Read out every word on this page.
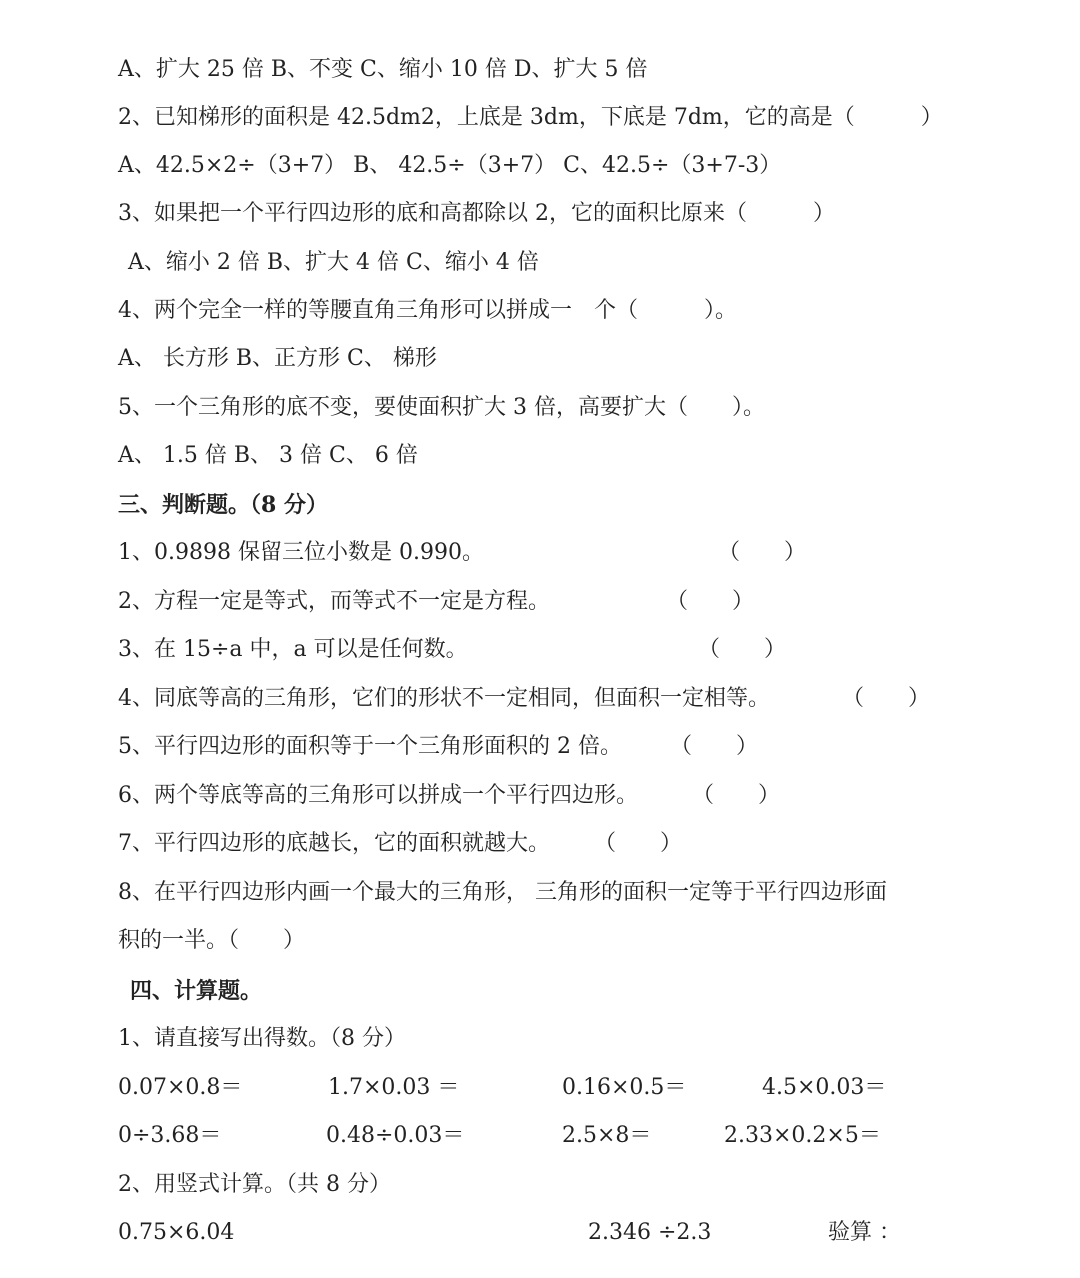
A、扩大 25 倍 B、不变 C、缩小 10 倍 D、扩大 5 倍
2、已知梯形的面积是 42.5dm2，上底是 3dm，下底是 7dm，它的高是（　　　）
A、42.5×2÷（3+7） B、 42.5÷（3+7） C、42.5÷（3+7-3）
3、如果把一个平行四边形的底和高都除以 2，它的面积比原来（　　　）
A、缩小 2 倍 B、扩大 4 倍 C、缩小 4 倍
4、两个完全一样的等腰直角三角形可以拼成一　个（　　　）。
A、 长方形 B、正方形 C、 梯形
5、一个三角形的底不变，要使面积扩大 3 倍，高要扩大（　　）。
A、 1.5 倍 B、 3 倍 C、 6 倍
三、判断题。（8 分）
1、0.9898 保留三位小数是 0.990。	（　　）
2、方程一定是等式，而等式不一定是方程。	（　　）
3、在 15÷a 中，a 可以是任何数。	（　　）
4、同底等高的三角形，它们的形状不一定相同，但面积一定相等。	（　　）
5、平行四边形的面积等于一个三角形面积的 2 倍。 （　　）
6、两个等底等高的三角形可以拼成一个平行四边形。 （　　）
7、平行四边形的底越长，它的面积就越大。 （　　）
8、在平行四边形内画一个最大的三角形， 三角形的面积一定等于平行四边形面
积的一半。（　　）
四、计算题。
1、请直接写出得数。（8 分）
0.07×0.8＝	1.7×0.03 ＝	0.16×0.5＝	4.5×0.03＝
0÷3.68＝	0.48÷0.03＝	2.5×8＝	2.33×0.2×5＝
2、用竖式计算。（共 8 分）
0.75×6.04	2.346 ÷2.3	验算 ：
